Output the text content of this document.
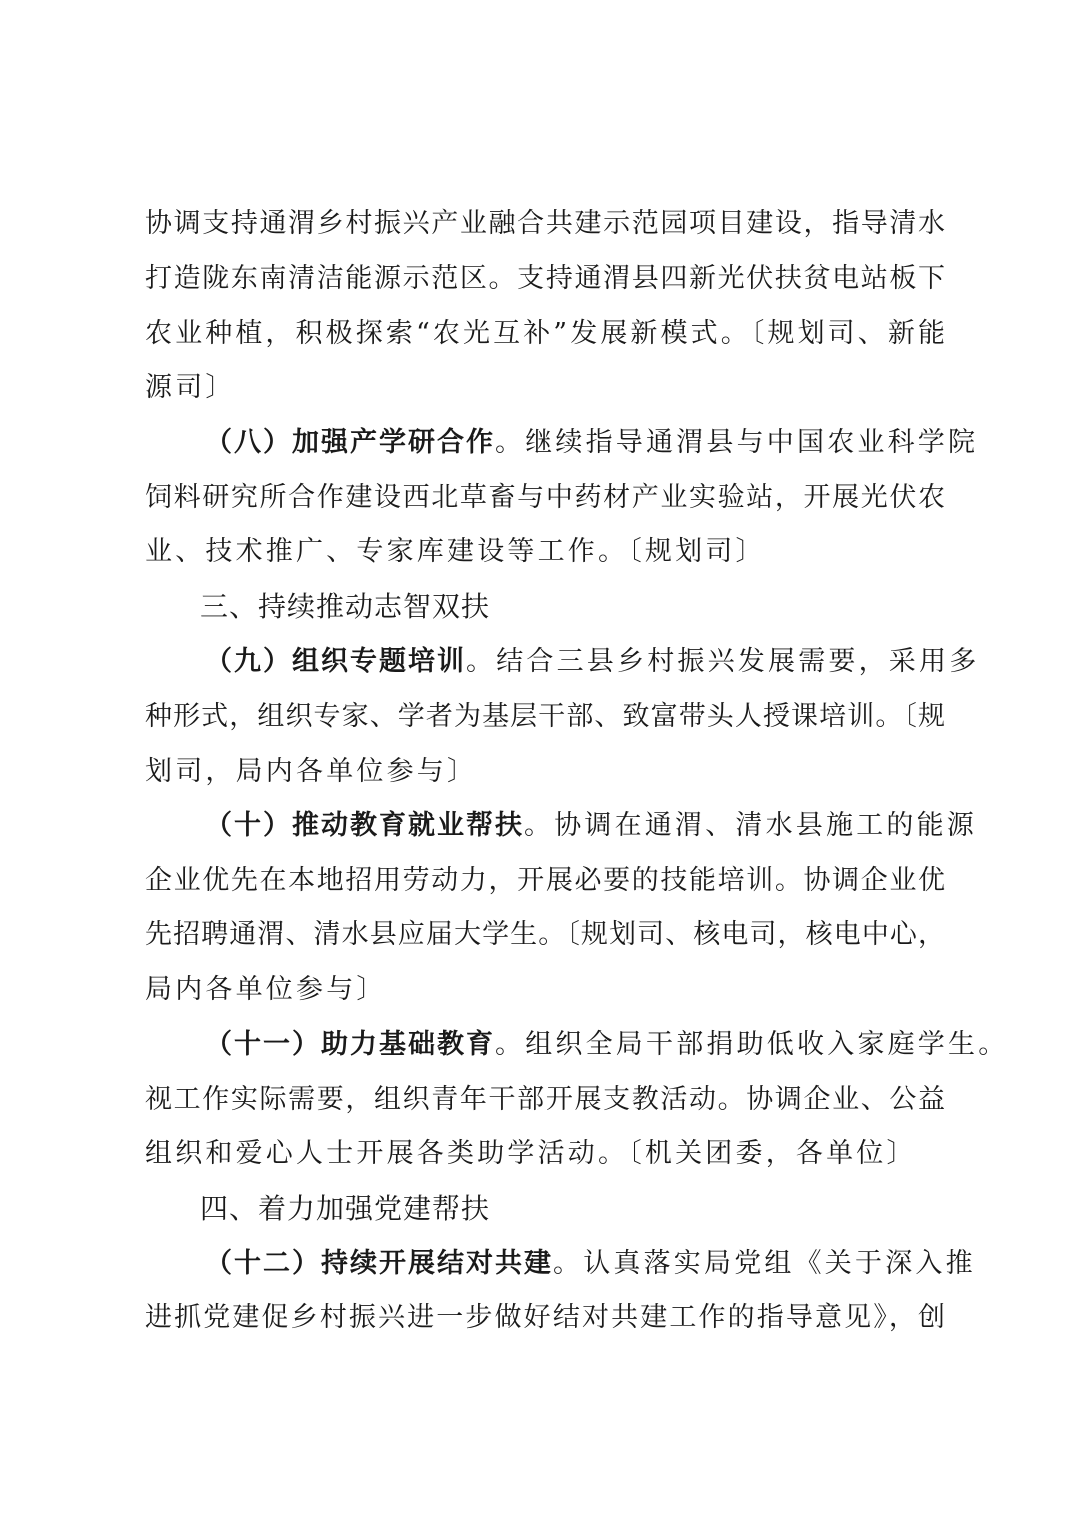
协调支持通渭乡村振兴产业融合共建示范园项目建设，指导清水
打造陇东南清洁能源示范区。支持通渭县四新光伏扶贫电站板下
农业种植，积极探索“农光互补”发展新模式。〔规划司、新能
源司〕
（八）加强产学研合作。继续指导通渭县与中国农业科学院
饲料研究所合作建设西北草畜与中药材产业实验站，开展光伏农
业、技术推广、专家库建设等工作。〔规划司〕
三、持续推动志智双扶
（九）组织专题培训。结合三县乡村振兴发展需要，采用多
种形式，组织专家、学者为基层干部、致富带头人授课培训。〔规
划司，局内各单位参与〕
（十）推动教育就业帮扶。协调在通渭、清水县施工的能源
企业优先在本地招用劳动力，开展必要的技能培训。协调企业优
先招聘通渭、清水县应届大学生。〔规划司、核电司，核电中心，
局内各单位参与〕
（十一）助力基础教育。组织全局干部捐助低收入家庭学生。
视工作实际需要，组织青年干部开展支教活动。协调企业、公益
组织和爱心人士开展各类助学活动。〔机关团委，各单位〕
四、着力加强党建帮扶
（十二）持续开展结对共建。认真落实局党组《关于深入推
进抓党建促乡村振兴进一步做好结对共建工作的指导意见》，创
